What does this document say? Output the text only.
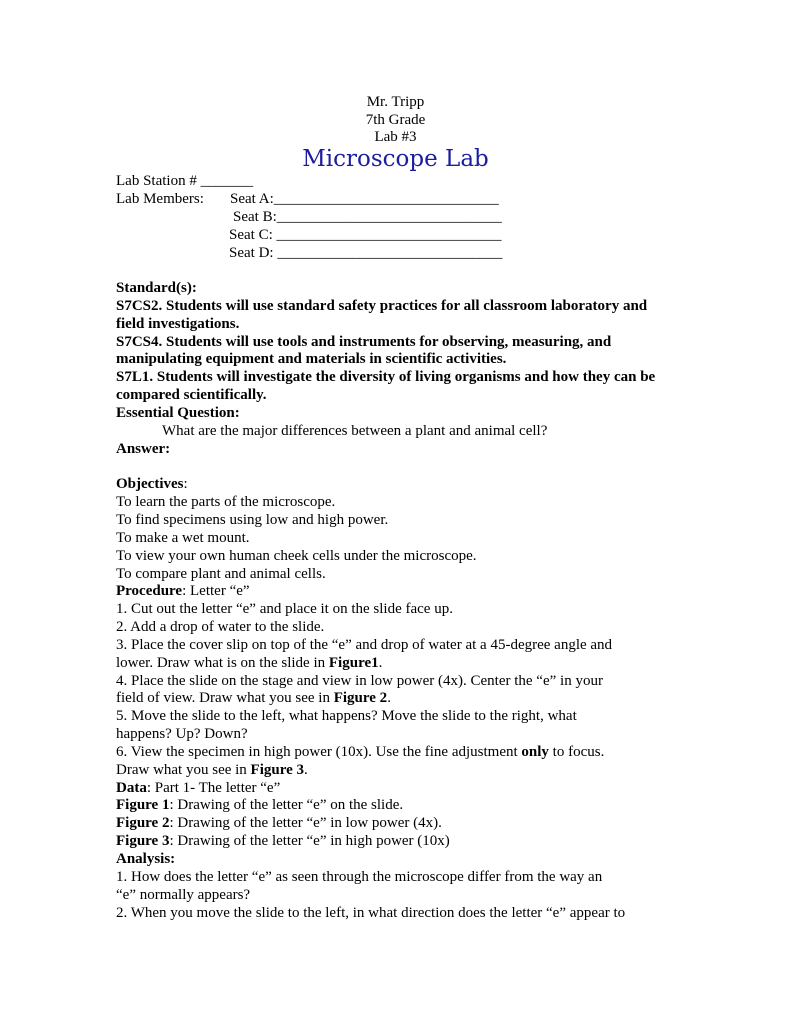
Mr. Tripp
7th Grade
Lab #3
Microscope Lab
Lab Station # _______
Lab Members: Seat A:______________________________
Seat B:______________________________
Seat C: ______________________________
Seat D: ______________________________
Standard(s):
S7CS2. Students will use standard safety practices for all classroom laboratory and
field investigations.
S7CS4. Students will use tools and instruments for observing, measuring, and
manipulating equipment and materials in scientific activities.
S7L1. Students will investigate the diversity of living organisms and how they can be
compared scientifically.
Essential Question:
What are the major differences between a plant and animal cell?
Answer:

Objectives:
To learn the parts of the microscope.
To find specimens using low and high power.
To make a wet mount.
To view your own human cheek cells under the microscope.
To compare plant and animal cells.
Procedure: Letter “e”
1. Cut out the letter “e” and place it on the slide face up.
2. Add a drop of water to the slide.
3. Place the cover slip on top of the “e” and drop of water at a 45-degree angle and
lower. Draw what is on the slide in Figure1.
4. Place the slide on the stage and view in low power (4x). Center the “e” in your
field of view. Draw what you see in Figure 2.
5. Move the slide to the left, what happens? Move the slide to the right, what
happens? Up? Down?
6. View the specimen in high power (10x). Use the fine adjustment only to focus.
Draw what you see in Figure 3.
Data: Part 1- The letter “e”
Figure 1: Drawing of the letter “e” on the slide.
Figure 2: Drawing of the letter “e” in low power (4x).
Figure 3: Drawing of the letter “e” in high power (10x)
Analysis:
1. How does the letter “e” as seen through the microscope differ from the way an
“e” normally appears?
2. When you move the slide to the left, in what direction does the letter “e” appear to
